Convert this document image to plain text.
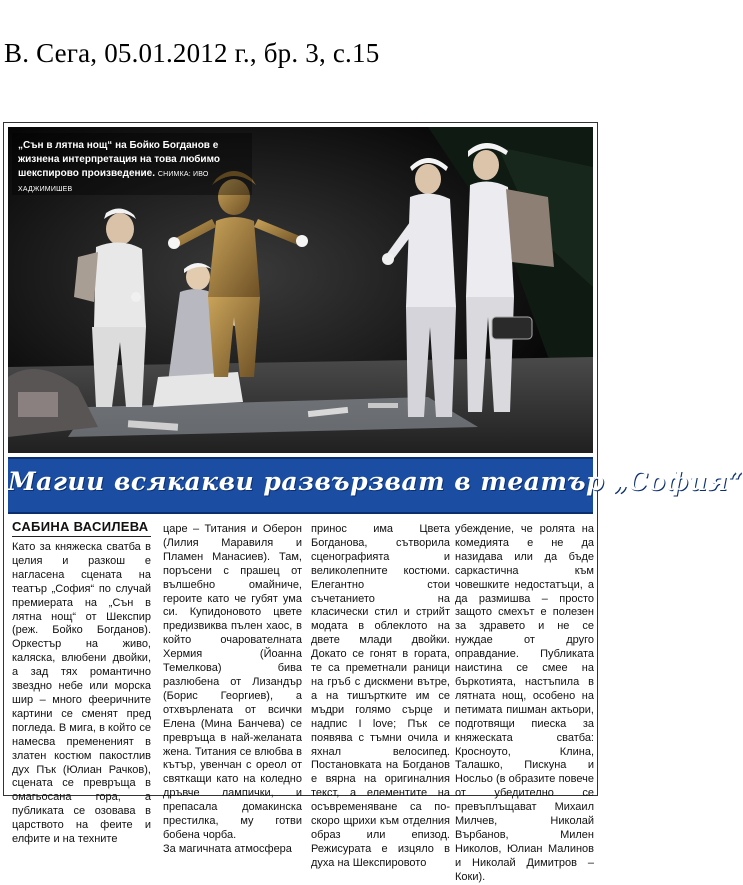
В. Сега, 05.01.2012 г., бр. 3, с.15
„Сън в лятна нощ“ на Бойко Богданов е жизнена интерпретация на това любимо шекспирово произведение. СНИМКА: ИВО ХАДЖИМИШЕВ
Магии всякакви развързват в театър „София“
САБИНА ВАСИЛЕВА
Като за княжеска сватба в целия и разкош е нагласена сцената на театър „София“ по случай премиерата на „Сън в лятна нощ“ от Шекспир (реж. Бойко Богданов). Оркестър на живо, каляска, влюбени двойки, а зад тях романтично звездно небе или морска шир – много фееричните картини се сменят пред погледа. В мига, в който се намесва премененият в златен костюм пакостлив дух Пък (Юлиан Рачков), сцената се превръща в омагьосана гора, а публиката се озовава в царството на феите и елфите и на техните
царе – Титания и Оберон (Лилия Маравиля и Пламен Манасиев). Там, поръсени с прашец от вълшебно омайниче, героите като че губят ума си. Купидоновото цвете предизвиква пълен хаос, в който очарователната Хермия (Йоанна Темелкова) бива разлюбена от Лизандър (Борис Георгиев), а отхвърлената от всички Елена (Мина Банчева) се превръща в най-желаната жена. Титания се влюбва в кътър, увенчан с ореол от святкащи като на коледно дръвче лампички, и препасала домакинска престилка, му готви бобена чорба.
За магичната атмосфера
принос има Цвета Богданова, сътворила сценографията и великолепните костюми. Елегантно стои съчетанието на класически стил и стрийт модата в облеклото на двете млади двойки. Докато се гонят в гората, те са преметнали раници на гръб с дискмени вътре, а на тишъртките им се мъдри голямо сърце и надпис I love; Пък се появява с тъмни очила и яхнал велосипед. Постановката на Богданов е вярна на оригиналния текст, а елементите на осъвременяване са по-скоро щрихи към отделния образ или епизод. Режисурата е изцяло в духа на Шекспировото
убеждение, че ролята на комедията е не да назидава или да бъде саркастична към човешките недостатъци, а да размишва – просто защото смехът е полезен за здравето и не се нуждае от друго оправдание. Публиката наистина се смее на бъркотията, настъпила в лятната нощ, особено на петимата пишман актьори, подготвящи пиеска за княжеската сватба: Кросноуто, Клина, Талашко, Пискуна и Носльо (в образите повече от убедително се превъплъщават Михаил Милчев, Николай Върбанов, Милен Николов, Юлиан Малинов и Николай Димитров – Коки).
